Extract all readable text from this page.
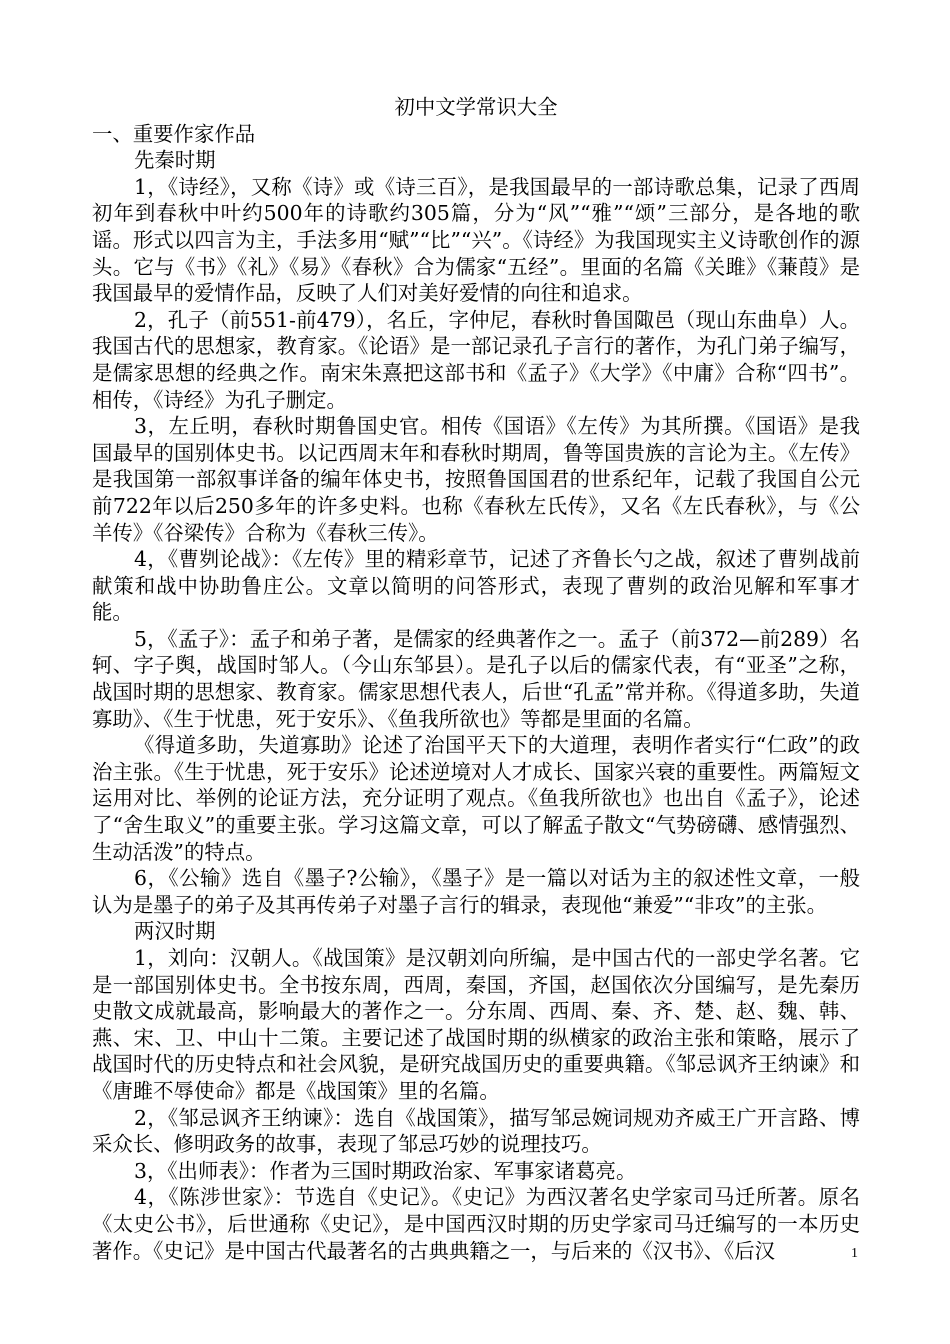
初中文学常识大全
一、重要作家作品
先秦时期

1，《诗经》，又称《诗》或《诗三百》，是我国最早的一部诗歌总集，记录了西周初年到春秋中叶约500年的诗歌约305篇，分为“风”“雅”“颂”三部分，是各地的歌谣。形式以四言为主，手法多用“赋”“比”“兴”。《诗经》为我国现实主义诗歌创作的源头。它与《书》《礼》《易》《春秋》合为儒家“五经”。里面的名篇《关雎》《蒹葭》是我国最早的爱情作品，反映了人们对美好爱情的向往和追求。

2，孔子（前551-前479），名丘，字仲尼，春秋时鲁国陬邑（现山东曲阜）人。我国古代的思想家，教育家。《论语》是一部记录孔子言行的著作，为孔门弟子编写，是儒家思想的经典之作。南宋朱熹把这部书和《孟子》《大学》《中庸》合称“四书”。相传，《诗经》为孔子删定。

3，左丘明，春秋时期鲁国史官。相传《国语》《左传》为其所撰。《国语》是我国最早的国别体史书。以记西周末年和春秋时期周，鲁等国贵族的言论为主。《左传》是我国第一部叙事详备的编年体史书，按照鲁国国君的世系纪年，记载了我国自公元前722年以后250多年的许多史料。也称《春秋左氏传》，又名《左氏春秋》，与《公羊传》《谷梁传》合称为《春秋三传》。

4，《曹刿论战》：《左传》里的精彩章节，记述了齐鲁长勺之战，叙述了曹刿战前献策和战中协助鲁庄公。文章以简明的问答形式，表现了曹刿的政治见解和军事才能。

5，《孟子》：孟子和弟子著，是儒家的经典著作之一。孟子（前372—前289）名轲、字子舆，战国时邹人。（今山东邹县）。是孔子以后的儒家代表，有“亚圣”之称，战国时期的思想家、教育家。儒家思想代表人，后世“孔孟”常并称。《得道多助，失道寡助》、《生于忧患，死于安乐》、《鱼我所欲也》等都是里面的名篇。

《得道多助，失道寡助》论述了治国平天下的大道理，表明作者实行“仁政”的政治主张。《生于忧患，死于安乐》论述逆境对人才成长、国家兴衰的重要性。两篇短文运用对比、举例的论证方法，充分证明了观点。《鱼我所欲也》也出自《孟子》，论述了“舍生取义”的重要主张。学习这篇文章，可以了解孟子散文“气势磅礴、感情强烈、生动活泼”的特点。

6，《公输》选自《墨子?公输》，《墨子》是一篇以对话为主的叙述性文章，一般认为是墨子的弟子及其再传弟子对墨子言行的辑录，表现他“兼爱”“非攻”的主张。

两汉时期

1，刘向：汉朝人。《战国策》是汉朝刘向所编，是中国古代的一部史学名著。它是一部国别体史书。全书按东周，西周，秦国，齐国，赵国依次分国编写，是先秦历史散文成就最高，影响最大的著作之一。分东周、西周、秦、齐、楚、赵、魏、韩、燕、宋、卫、中山十二策。主要记述了战国时期的纵横家的政治主张和策略，展示了战国时代的历史特点和社会风貌，是研究战国历史的重要典籍。《邹忌讽齐王纳谏》和《唐雎不辱使命》都是《战国策》里的名篇。

2，《邹忌讽齐王纳谏》：选自《战国策》，描写邹忌婉词规劝齐威王广开言路、博采众长、修明政务的故事，表现了邹忌巧妙的说理技巧。

3，《出师表》：作者为三国时期政治家、军事家诸葛亮。

4，《陈涉世家》：节选自《史记》。《史记》为西汉著名史学家司马迁所著。原名《太史公书》，后世通称《史记》，是中国西汉时期的历史学家司马迁编写的一本历史著作。《史记》是中国古代最著名的古典典籍之一，与后来的《汉书》、《后汉	1
